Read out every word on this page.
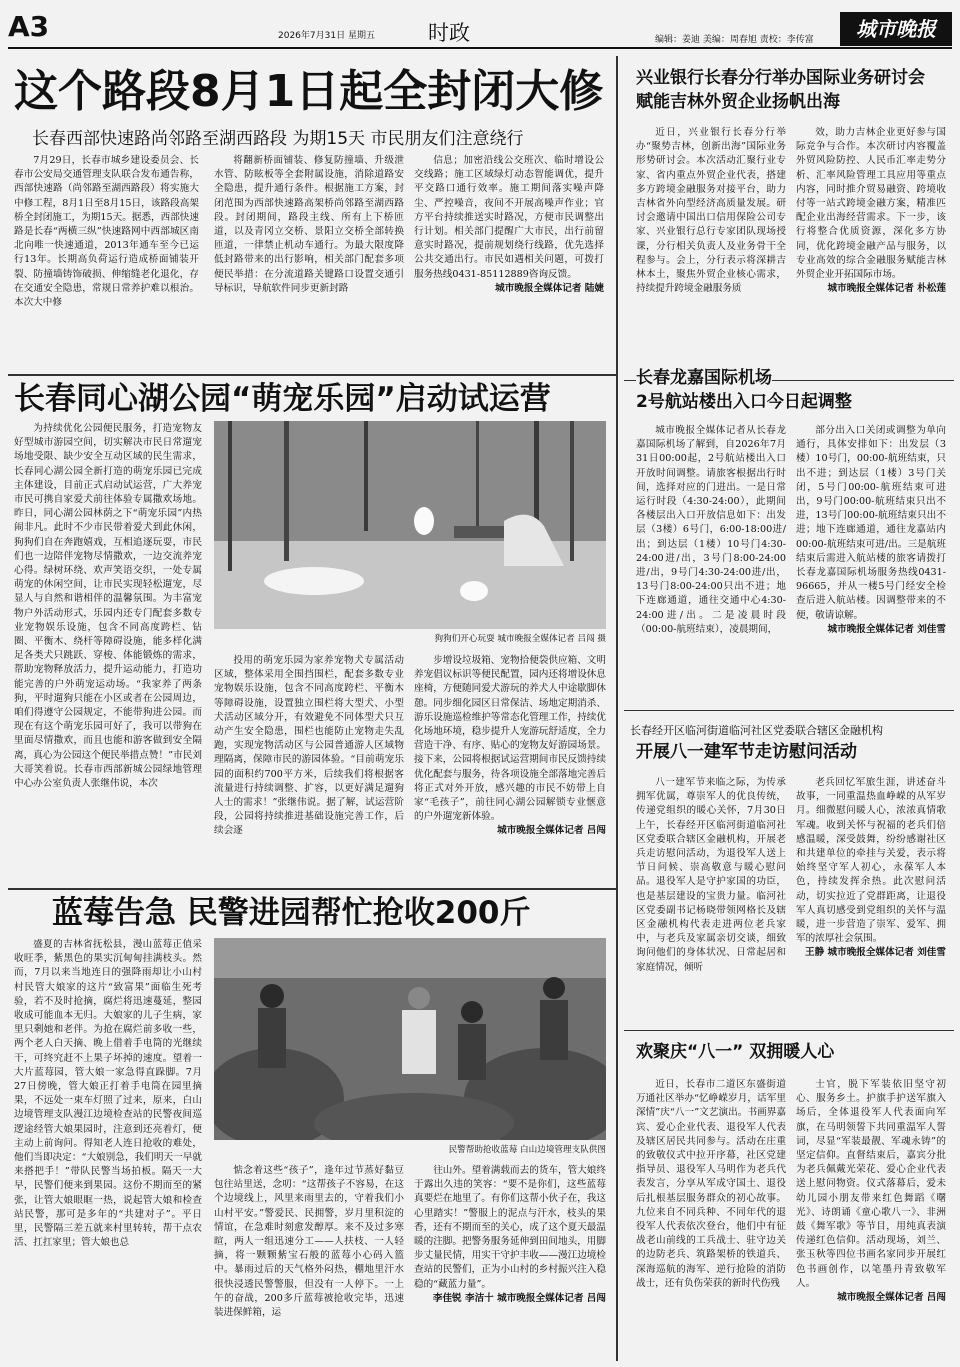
A3	2026年7月31日 星期五	时政	编辑：姜迪 美编：周春旭 责校：李传富	城市晚报
这个路段8月1日起全封闭大修
长春西部快速路尚邻路至湖西路段 为期15天 市民朋友们注意绕行

7月29日，长春市城乡建设委员会、长春市公安局交通管理支队联合发布通告称，西部快速路（尚邻路至湖西路段）将实施大中修工程，8月1日至8月15日，该路段高架桥全封闭施工，为期15天。据悉，西部快速路是长春“两横三纵”快速路网中西部城区南北向唯一快速通道，2013年通车至今已运行13年。长期高负荷运行造成桥面铺装开裂、防撞墙铸饰破损、伸缩缝老化退化，存在交通安全隐患，常规日常养护难以根治。本次大中修

将翻新桥面铺装、修复防撞墙、升级泄水管、防眩板等全套附属设施，消除道路安全隐患，提升通行条件。根据施工方案，封闭范围为西部快速路高架桥尚邻路至湖西路段。封闭期间，路段主线、所有上下桥匝道，以及青冈立交桥、景阳立交桥全部转换匝道，一律禁止机动车通行。为最大限度降低封路带来的出行影响，相关部门配套多项便民举措：在分流道路关键路口设置交通引导标识，导航软件同步更新封路

信息；加密沿线公交班次、临时增设公交线路；施工区域绿灯动态智能调优，提升平交路口通行效率。施工期间落实噪声降尘、严控噪音，夜间不开展高噪声作业；官方平台持续推送实时路况，方便市民调整出行计划。相关部门提醒广大市民，出行前留意实时路况，提前规划绕行线路，优先选择公共交通出行。市民如遇相关问题，可拨打服务热线0431-85112889咨询反馈。

城市晚报全媒体记者 陆婕

长春同心湖公园“萌宠乐园”启动试运营

为持续优化公园便民服务，打造宠物友好型城市游园空间，切实解决市民日常遛宠场地受限、缺少安全互动区域的民生需求，长春同心湖公园全新打造的萌宠乐园已完成主体建设，目前正式启动试运营，广大养宠市民可携自家爱犬前往体验专属撒欢场地。昨日，同心湖公园林荫之下“萌宠乐园”内热闹非凡。此时不少市民带着爱犬到此休闲，狗狗们自在奔跑嬉戏，互相追逐玩耍，市民们也一边陪伴宠物尽情撒欢，一边交流养宠心得。绿树环绕、欢声笑语交织，一处专属萌宠的休闲空间，让市民实现轻松遛宠，尽显人与自然和谐相伴的温馨氛围。为丰富宠物户外活动形式，乐园内还专门配套多数专业宠物娱乐设施，包含不同高度跨栏、钻圈、平衡木、绕杆等障碍设施，能多样化满足各类犬只跳跃、穿梭、体能锻炼的需求，帮助宠物释放活力，提升运动能力，打造功能完善的户外萌宠运动场。“我家养了两条狗，平时遛狗只能在小区或者在公园周边，咱们得遵守公园规定，不能带狗进公园。而现在有这个萌宠乐园可好了，我可以带狗在里面尽情撒欢，而且也能和游客做到安全隔离，真心为公园这个便民举措点赞！”市民刘大哥笑着说。长春市西部新城公园绿地管理中心办公室负责人张继伟说，本次

狗狗们开心玩耍 城市晚报全媒体记者 吕闯 摄

投用的萌宠乐园为家养宠物犬专属活动区域，整体采用全围挡围栏，配套多数专业宠物娱乐设施，包含不同高度跨栏、平衡木等障碍设施，设置独立围栏将大型犬、小型犬活动区域分开，有效避免不同体型犬只互动产生安全隐患，围栏也能防止宠物走失乱跑，实现宠物活动区与公园普通游人区域物理隔离，保障市民的游园体验。“目前萌宠乐园的面积约700平方米，后续我们将根据客流量进行持续调整、扩容，以更好满足遛狗人士的需求！”张继伟说。据了解，试运营阶段，公园将持续推进基础设施完善工作，后续会逐

步增设垃圾箱、宠物拾便袋供应箱、文明养宠倡议标识等便民配置，园内还将增设休息座椅，方便随同爱犬游玩的养犬人中途歇脚休憩。同步细化园区日常保洁、场地定期消杀、游乐设施巡检维护等常态化管理工作，持续优化场地环境，稳步提升人宠游玩舒适度，全力营造干净、有序、贴心的宠物友好游园场景。接下来，公园将根据试运营期间市民反馈持续优化配套与服务，待各项设施全部落地完善后将正式对外开放，感兴趣的市民不妨带上自家“毛孩子”，前往同心湖公园解锁专业惬意的户外遛宠新体验。

城市晚报全媒体记者 吕闯

蓝莓告急 民警进园帮忙抢收200斤

盛夏的吉林省抚松县，漫山蓝莓正值采收旺季，紫黑色的果实沉甸甸挂满枝头。然而，7月以来当地连日的强降雨却让小山村村民管大娘家的这片“致富果”面临生死考验，若不及时抢摘，腐烂将迅速蔓延，整园收成可能血本无归。大娘家的儿子生病，家里只剩她和老伴。为抢在腐烂前多收一些，两个老人白天摘、晚上借着手电筒的光继续干，可终究赶不上果子坏掉的速度。望着一大片蓝莓园，管大娘一家急得直跺脚。7月27日傍晚，管大娘正打着手电筒在园里摘果，不远处一束车灯照了过来，原来，白山边境管理支队漫江边境检查站的民警夜间巡逻途经管大娘果园时，注意到还亮着灯，便主动上前询问。得知老人连日抢收的难处，他们当即决定：“大娘别急，我们明天一早就来搭把手！”带队民警当场拍板。隔天一大早，民警们便来到果园。这份不期而至的紧张，让管大娘眼眶一热，说起管大娘和检查站民警，那可是多年的“共建对子”。平日里，民警隔三差五就来村里转转，帮干点农活、扛扛家里；管大娘也总

民警帮助抢收蓝莓 白山边境管理支队供图

惦念着这些“孩子”，逢年过节蒸好黏豆包往站里送，念叨：“这帮孩子不容易，在这个边境线上，风里来雨里去的，守着我们小山村平安。”警爱民、民拥警，岁月里积淀的情谊，在急难时刻愈发醇厚。来不及过多寒暄，两人一组迅速分工——人扶枝、一人轻摘，将一颗颗紫宝石般的蓝莓小心码入篮中。暴雨过后的天气格外闷热，棚地里汗水很快浸透民警警服，但没有一人停下。一上午的奋战，200多斤蓝莓被抢收完毕，迅速装进保鲜箱，运

往山外。望着满载而去的货车，管大娘终于露出久违的笑容：“要不是你们，这些蓝莓真要烂在地里了。有你们这帮小伙子在，我这心里踏实！”警服上的泥点与汗水，枝头的果香，还有不期而至的关心，成了这个夏天最温暖的注脚。把警务服务延伸到田间地头，用脚步丈量民情，用实干守护丰收——漫江边境检查站的民警们，正为小山村的乡村振兴注入稳稳的“藏蓝力量”。

李佳锐 李洁十 城市晚报全媒体记者 吕闯

兴业银行长春分行举办国际业务研讨会
赋能吉林外贸企业扬帆出海

近日，兴业银行长春分行举办“聚势吉林，创新出海”国际业务形势研讨会。本次活动汇聚行业专家、省内重点外贸企业代表，搭建多方跨境金融服务对接平台，助力吉林省外向型经济高质量发展。研讨会邀请中国出口信用保险公司专家、兴业银行总行专家团队现场授课，分行相关负责人及业务骨干全程参与。会上，分行表示将深耕吉林本土，聚焦外贸企业核心需求，持续提升跨境金融服务质

效，助力吉林企业更好参与国际竞争与合作。本次研讨内容覆盖外贸风险防控、人民币汇率走势分析、汇率风险管理工具应用等重点内容，同时推介贸易融资、跨境收付等一站式跨境金融方案，精准匹配企业出海经营需求。下一步，该行将整合优质资源，深化多方协同，优化跨境金融产品与服务，以专业高效的综合金融服务赋能吉林外贸企业开拓国际市场。

城市晚报全媒体记者 朴松莲

长春龙嘉国际机场
2号航站楼出入口今日起调整

城市晚报全媒体记者从长春龙嘉国际机场了解到，自2026年7月31日00:00起，2号航站楼出入口开放时间调整。请旅客根据出行时间，选择对应的门进出。一是日常运行时段（4:30-24:00），此期间各楼层出入口开放信息如下：出发层（3楼）6号门，6:00-18:00进/出；到达层（1楼）10号门4:30-24:00进/出，3号门8:00-24:00进/出，9号门4:30-24:00进/出，13号门8:00-24:00只出不进；地下连廊通道，通往交通中心4:30-24:00进/出。二是凌晨时段（00:00-航班结束），凌晨期间，

部分出入口关闭或调整为单向通行，具体安排如下：出发层（3楼）10号门，00:00-航班结束，只出不进；到达层（1楼）3号门关闭，5号门00:00-航班结束可进出，9号门00:00-航班结束只出不进，13号门00:00-航班结束只出不进；地下连廊通道，通往龙嘉站内00:00-航班结束可进/出。三是航班结束后需进入航站楼的旅客请拨打长春龙嘉国际机场服务热线0431-96665，并从一楼5号门经安全检查后进入航站楼。因调整带来的不便，敬请谅解。

城市晚报全媒体记者 刘佳雪

长春经开区临河街道临河社区党委联合辖区金融机构
开展八一建军节走访慰问活动

八一建军节来临之际，为传承拥军优属，尊崇军人的优良传统，传递党组织的暖心关怀，7月30日上午，长春经开区临河街道临河社区党委联合辖区金融机构，开展老兵走访慰问活动，为退役军人送上节日问候、崇高敬意与暖心慰问品。退役军人是守护家国的功臣，也是基层建设的宝贵力量。临河社区党委副书记杨晓带领网格长及辖区金融机构代表走进两位老兵家中，与老兵及家属亲切交谈，细致询问他们的身体状况、日常起居和家庭情况，倾听

老兵回忆军旅生涯，讲述奋斗故事，一同重温热血峥嵘的从军岁月。细微慰问暖人心，浓浓真情歌军魂。收到关怀与祝福的老兵们倍感温暖，深受鼓舞，纷纷感谢社区和共建单位的牵挂与关爱，表示将始终坚守军人初心，永葆军人本色，持续发挥余热。此次慰问活动，切实拉近了党群距离，让退役军人真切感受到党组织的关怀与温暖，进一步营造了崇军、爱军、拥军的浓厚社会氛围。

王静 城市晚报全媒体记者 刘佳雪

欢聚庆“八一” 双拥暖人心

近日，长春市二道区东盛街道万通社区举办“忆峥嵘岁月，话军里深情”庆“八一”文艺演出。书画界嘉宾、爱心企业代表、退役军人代表及辖区居民共同参与。活动在庄重的致敬仪式中拉开序幕，社区党建指导员、退役军人马明作为老兵代表发言，分享从军成守国土、退役后扎根基层服务群众的初心故事。九位来自不同兵种、不同年代的退役军人代表依次登台，他们中有征战老山前线的工兵战士、驻守边关的边防老兵、筑路架桥的铁道兵、深海巡航的海军、逆行抢险的消防战士，还有负伤荣获的新时代伤残

士官，脱下军装依旧坚守初心、服务乡土。护旗手护送军旗入场后，全体退役军人代表面向军旗，在马明领誓下共同重温军人誓词，尽显“军装最靓、军魂永铸”的坚定信仰。直督结束后，嘉宾分批为老兵佩戴光荣花、爱心企业代表送上慰问物资。仪式落幕后，爱未幼儿园小朋友带来红色舞蹈《曙光》、诗朗诵《童心歌八一》、非洲鼓《舞军歌》等节目，用纯真表演传递红色信仰。活动现场，刘兰、张玉秋等四位书画名家同步开展红色书画创作，以笔墨丹青致敬军人。

城市晚报全媒体记者 吕闯
